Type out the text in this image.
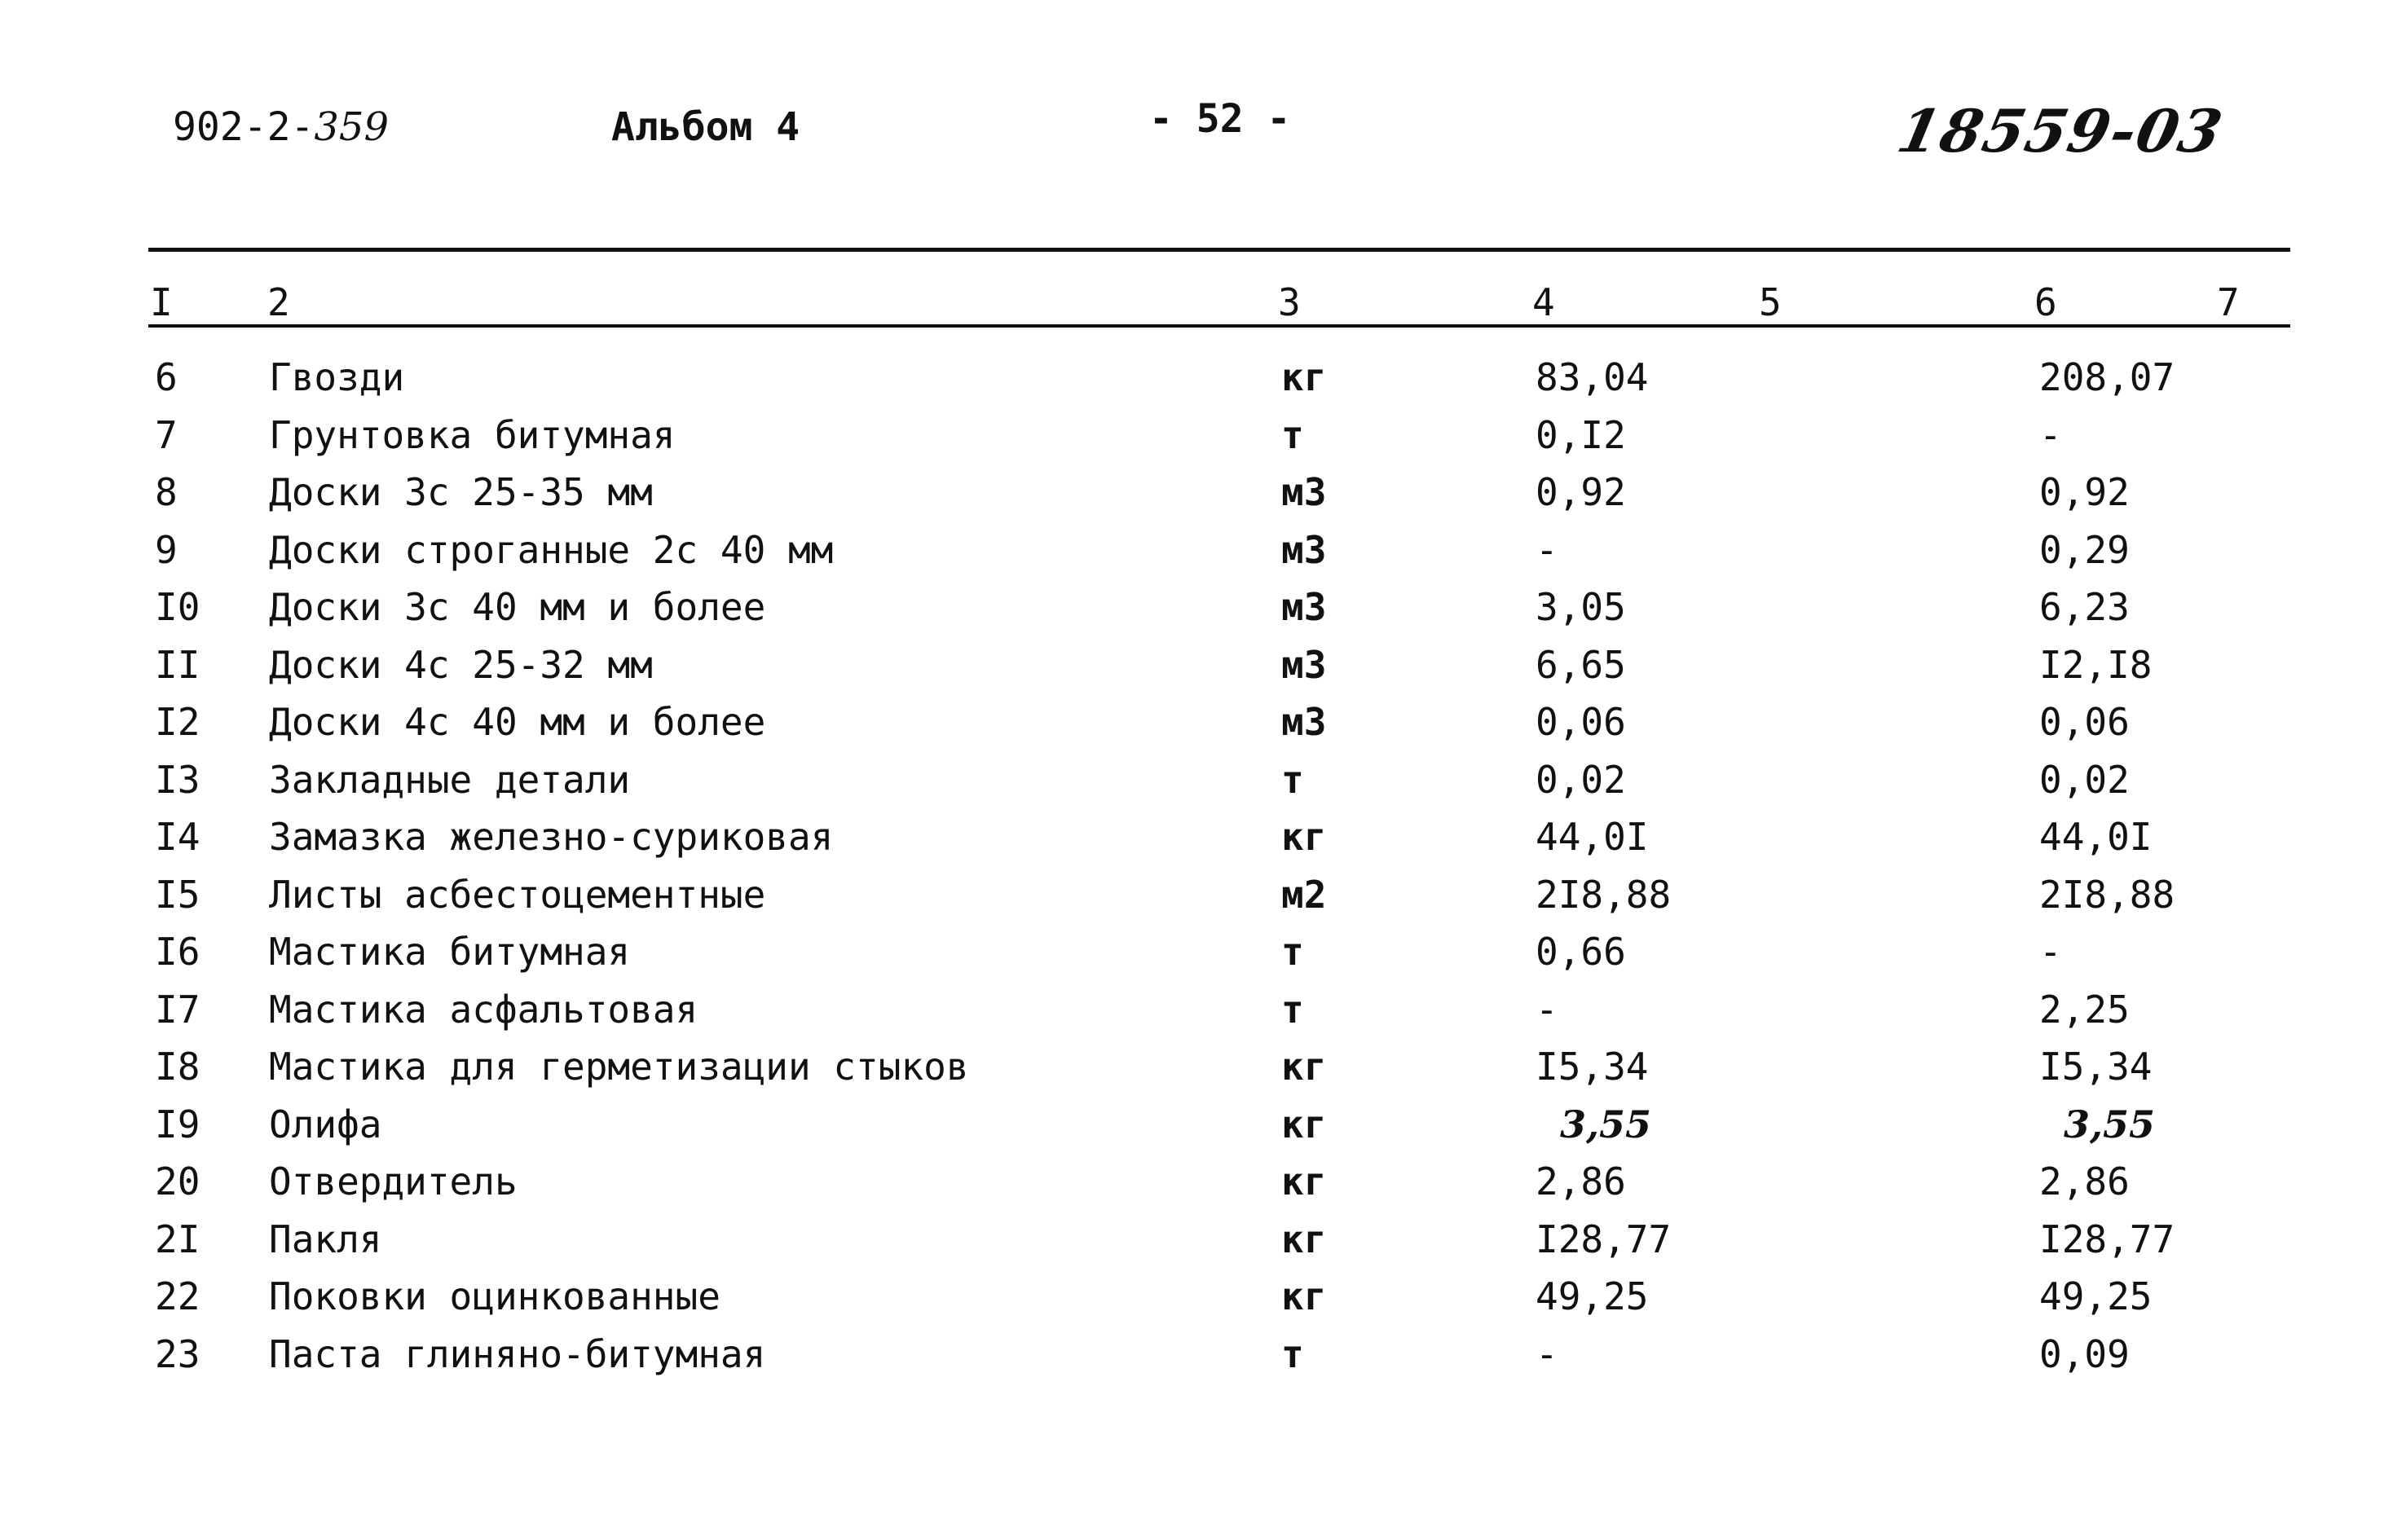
902-2-359	Альбом 4	- 52 -	18559-03
I	2	3	4	5	6	7
6 Гвозди	кг	83,04	208,07
7 Грунтовка битумная	т	0,I2	-
8 Доски 3с 25-35 мм	м3	0,92	0,92
9 Доски строганные 2с 40 мм	м3	-	0,29
I0 Доски 3с 40 мм и более	м3	3,05	6,23
II Доски 4с 25-32 мм	м3	6,65	I2,I8
I2 Доски 4с 40 мм и более	м3	0,06	0,06
I3 Закладные детали	т	0,02	0,02
I4 Замазка железно-суриковая	кг	44,0I	44,0I
I5 Листы асбестоцементные	м2	2I8,88	2I8,88
I6 Мастика битумная	т	0,66	-
I7 Мастика асфальтовая	т	-	2,25
I8 Мастика для герметизации стыков	кг	I5,34	I5,34
I9 Олифа	кг	3,55	3,55
20 Отвердитель	кг	2,86	2,86
2I Пакля	кг	I28,77	I28,77
22 Поковки оцинкованные	кг	49,25	49,25
23 Паста глиняно-битумная	т	-	0,09
